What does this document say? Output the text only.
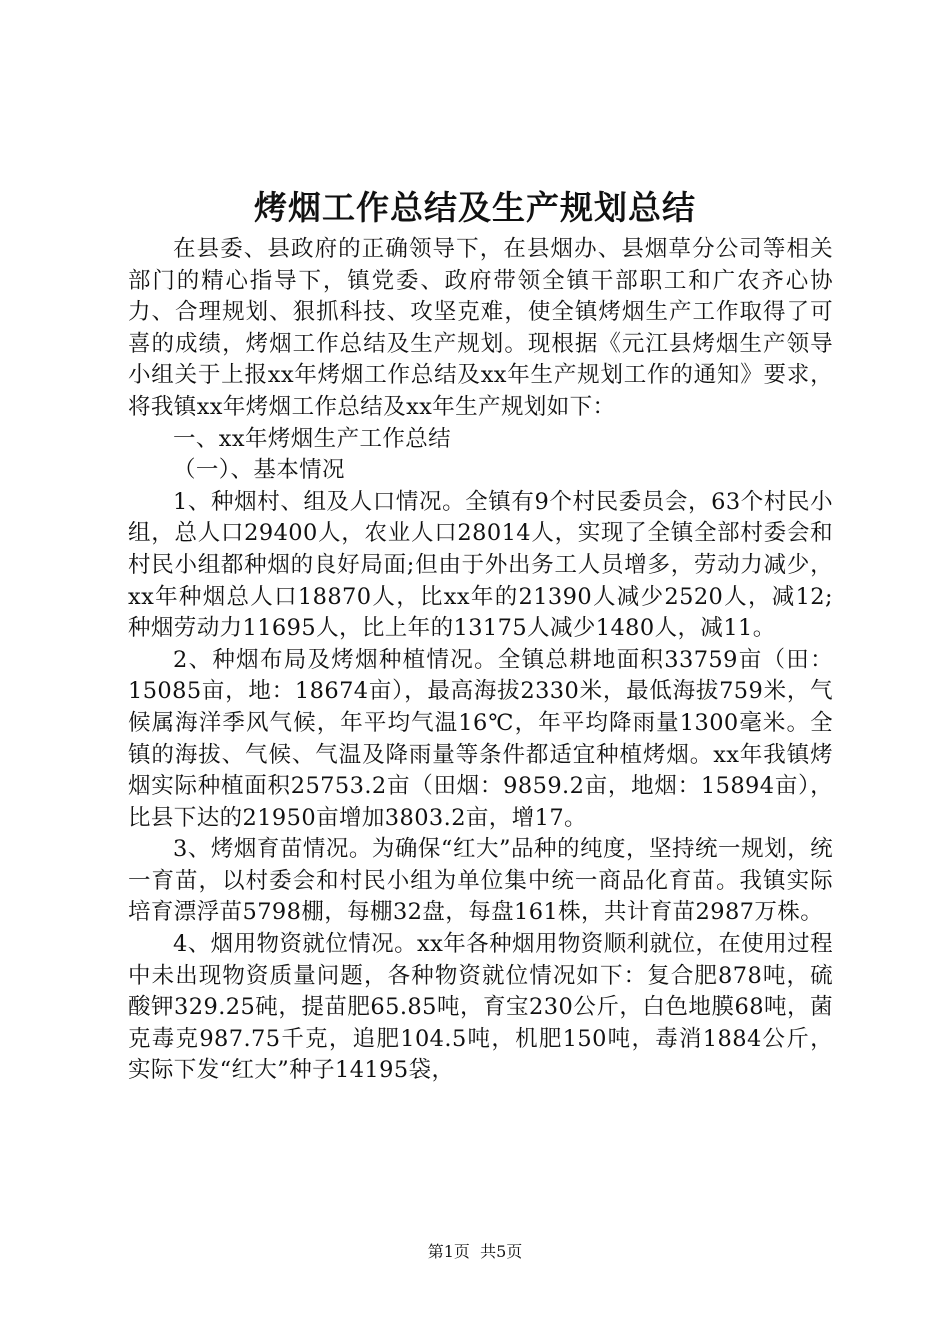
烤烟工作总结及生产规划总结

在县委、县政府的正确领导下，在县烟办、县烟草分公司等相关部门的精心指导下，镇党委、政府带领全镇干部职工和广农齐心协力、合理规划、狠抓科技、攻坚克难，使全镇烤烟生产工作取得了可喜的成绩，烤烟工作总结及生产规划。现根据《元江县烤烟生产领导小组关于上报xx年烤烟工作总结及xx年生产规划工作的通知》要求，将我镇xx年烤烟工作总结及xx年生产规划如下：

一、xx年烤烟生产工作总结

（一）、基本情况

1、种烟村、组及人口情况。全镇有9个村民委员会，63个村民小组，总人口29400人，农业人口28014人，实现了全镇全部村委会和村民小组都种烟的良好局面;但由于外出务工人员增多，劳动力减少，xx年种烟总人口18870人，比xx年的21390人减少2520人，减12;种烟劳动力11695人，比上年的13175人减少1480人，减11。

2、种烟布局及烤烟种植情况。全镇总耕地面积33759亩（田：15085亩，地：18674亩），最高海拔2330米，最低海拔759米，气候属海洋季风气候，年平均气温16℃，年平均降雨量1300毫米。全镇的海拔、气候、气温及降雨量等条件都适宜种植烤烟。xx年我镇烤烟实际种植面积25753.2亩（田烟：9859.2亩，地烟：15894亩），比县下达的21950亩增加3803.2亩，增17。

3、烤烟育苗情况。为确保“红大”品种的纯度，坚持统一规划，统一育苗，以村委会和村民小组为单位集中统一商品化育苗。我镇实际培育漂浮苗5798棚，每棚32盘，每盘161株，共计育苗2987万株。

4、烟用物资就位情况。xx年各种烟用物资顺利就位，在使用过程中未出现物资质量问题，各种物资就位情况如下：复合肥878吨，硫酸钾329.25砘，提苗肥65.85吨，育宝230公斤，白色地膜68吨，菌克毒克987.75千克，追肥104.5吨，机肥150吨，毒消1884公斤，实际下发“红大”种子14195袋，

第1页  共5页
